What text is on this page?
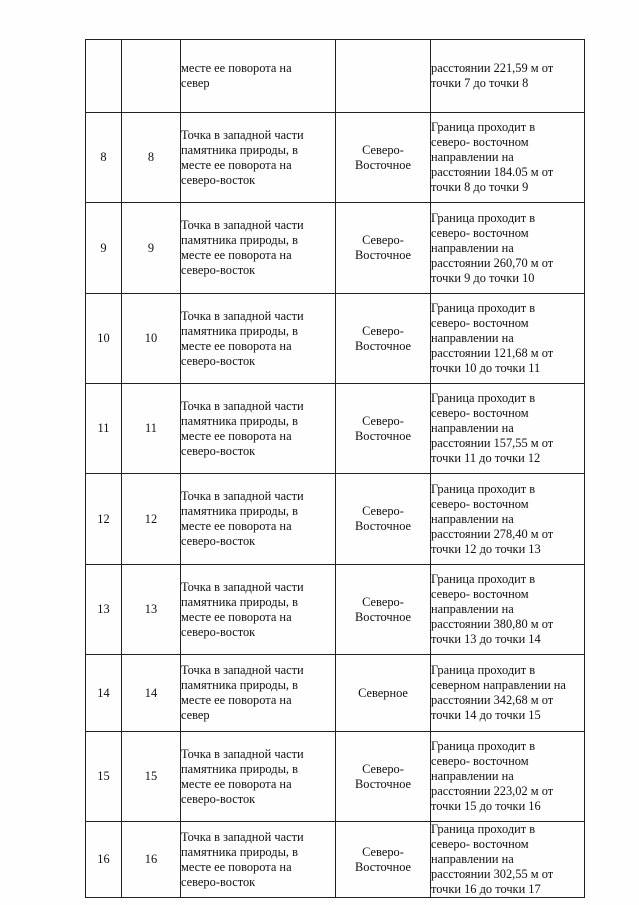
		месте ее поворота на
север		расстоянии 221,59 м от
точки 7 до точки 8

8	8	Точка в западной части
памятника природы, в
месте ее поворота на
северо-восток	Северо-
Восточное	Граница проходит в
северо- восточном
направлении на
расстоянии 184.05 м от
точки 8 до точки 9

9	9	Точка в западной части
памятника природы, в
месте ее поворота на
северо-восток	Северо-
Восточное	Граница проходит в
северо- восточном
направлении на
расстоянии 260,70 м от
точки 9 до точки 10

10	10	Точка в западной части
памятника природы, в
месте ее поворота на
северо-восток	Северо-
Восточное	Граница проходит в
северо- восточном
направлении на
расстоянии 121,68 м от
точки 10 до точки 11

11	11	Точка в западной части
памятника природы, в
месте ее поворота на
северо-восток	Северо-
Восточное	Граница проходит в
северо- восточном
направлении на
расстоянии 157,55 м от
точки 11 до точки 12

12	12	Точка в западной части
памятника природы, в
месте ее поворота на
северо-восток	Северо-
Восточное	Граница проходит в
северо- восточном
направлении на
расстоянии 278,40 м от
точки 12 до точки 13

13	13	Точка в западной части
памятника природы, в
месте ее поворота на
северо-восток	Северо-
Восточное	Граница проходит в
северо- восточном
направлении на
расстоянии 380,80 м от
точки 13 до точки 14

14	14	Точка в западной части
памятника природы, в
месте ее поворота на
север	Северное	Граница проходит в
северном направлении на
расстоянии 342,68 м от
точки 14 до точки 15

15	15	Точка в западной части
памятника природы, в
месте ее поворота на
северо-восток	Северо-
Восточное	Граница проходит в
северо- восточном
направлении на
расстоянии 223,02 м от
точки 15 до точки 16

16	16	Точка в западной части
памятника природы, в
месте ее поворота на
северо-восток	Северо-
Восточное	Граница проходит в
северо- восточном
направлении на
расстоянии 302,55 м от
точки 16 до точки 17
